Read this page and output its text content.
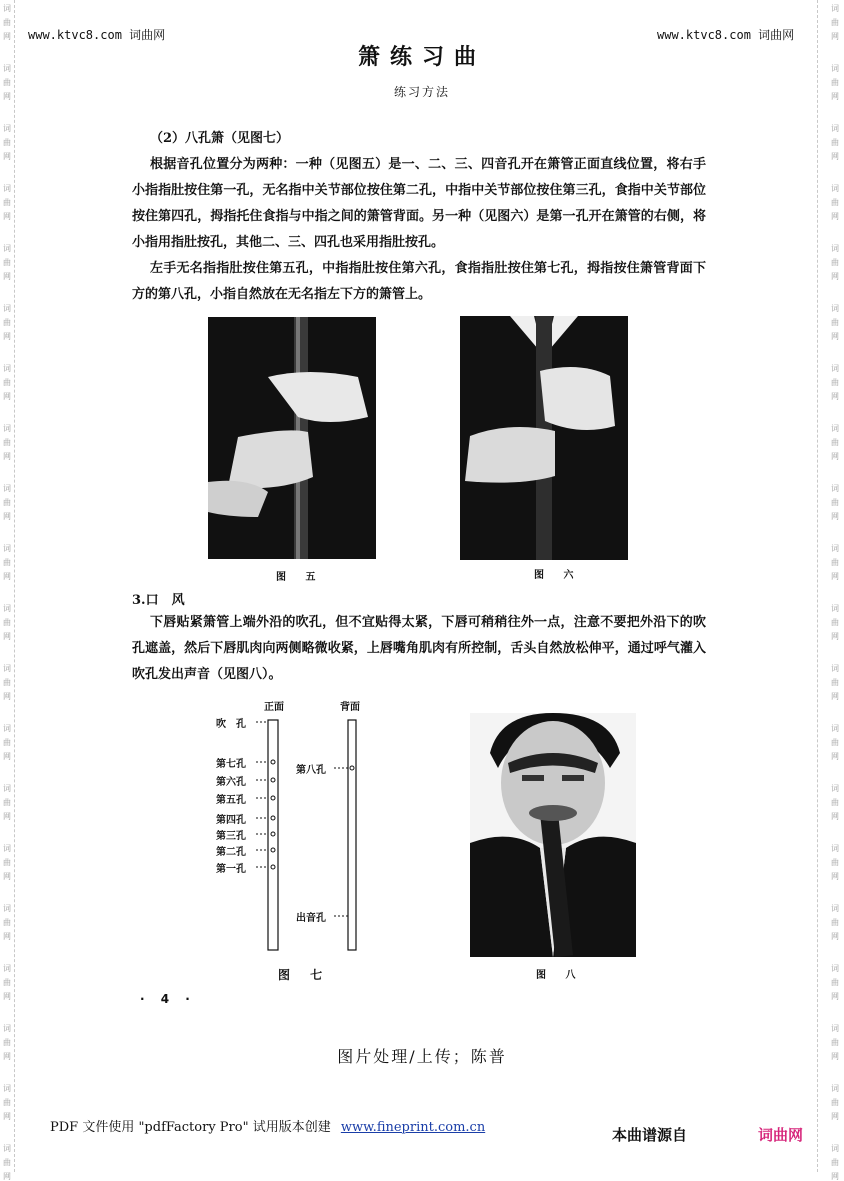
词
曲
网
词
曲
网
词
曲
网
词
曲
网
词
曲
网
词
曲
网
词
曲
网
词
曲
网
词
曲
网
词
曲
网
词
曲
网
词
曲
网
词
曲
网
词
曲
网
词
曲
网
词
曲
网
词
曲
网
词
曲
网
词
曲
网
词
曲
网
词
曲
网
词
曲
网
词
曲
网
词
曲
网
词
曲
网
词
曲
网
词
曲
网
词
曲
网
词
曲
网
词
曲
网
词
曲
网
词
曲
网
词
曲
网
词
曲
网
词
曲
网
词
曲
网
词
曲
网
词
曲
网
词
曲
网
词
曲
网
www.ktvc8.com 词曲网	www.ktvc8.com 词曲网
箫练习曲
练习方法
（2）八孔箫（见图七）
根据音孔位置分为两种：一种（见图五）是一、二、三、四音孔开在箫管正面直线位置，将右手小指指肚按住第一孔，无名指中关节部位按住第二孔，中指中关节部位按住第三孔，食指中关节部位按住第四孔，拇指托住食指与中指之间的箫管背面。另一种（见图六）是第一孔开在箫管的右侧，将小指用指肚按孔，其他二、三、四孔也采用指肚按孔。
左手无名指指肚按住第五孔，中指指肚按住第六孔，食指指肚按住第七孔，拇指按住箫管背面下方的第八孔，小指自然放在无名指左下方的箫管上。
图 五	图 六
3.口　风
下唇贴紧箫管上端外沿的吹孔，但不宜贴得太紧，下唇可稍稍往外一点，注意不要把外沿下的吹孔遮盖，然后下唇肌肉向两侧略微收紧，上唇嘴角肌肉有所控制，舌头自然放松伸平，通过呼气灌入吹孔发出声音（见图八）。
正面	背面
吹　孔
第七孔
第六孔
第五孔
第四孔
第三孔
第二孔
第一孔
第八孔
出音孔
图 七	图 八
· 4 ·
图片处理/上传；陈普
PDF 文件使用 "pdfFactory Pro" 试用版本创建 www.fineprint.com.cn	本曲谱源自	词曲网
